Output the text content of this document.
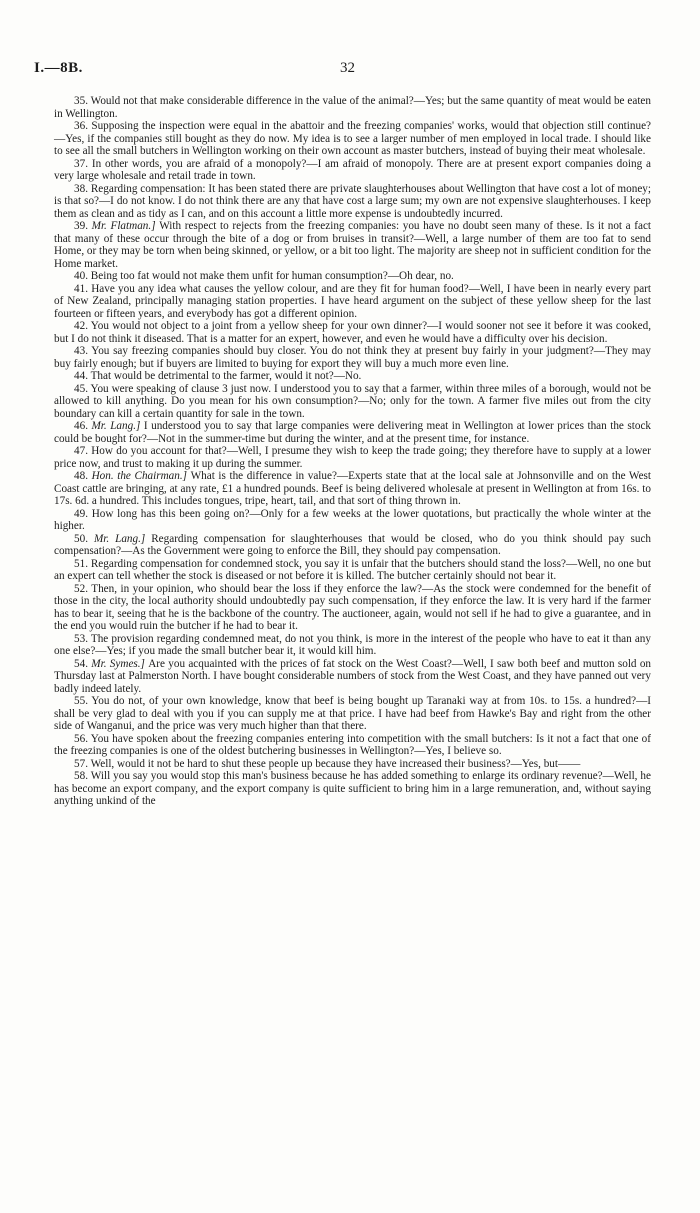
I.—8B.	32

35. Would not that make considerable difference in the value of the animal?—Yes; but the same quantity of meat would be eaten in Wellington.

36. Supposing the inspection were equal in the abattoir and the freezing companies' works, would that objection still continue?—Yes, if the companies still bought as they do now. My idea is to see a larger number of men employed in local trade. I should like to see all the small butchers in Wellington working on their own account as master butchers, instead of buying their meat wholesale.

37. In other words, you are afraid of a monopoly?—I am afraid of monopoly. There are at present export companies doing a very large wholesale and retail trade in town.

38. Regarding compensation: It has been stated there are private slaughterhouses about Wellington that have cost a lot of money; is that so?—I do not know. I do not think there are any that have cost a large sum; my own are not expensive slaughterhouses. I keep them as clean and as tidy as I can, and on this account a little more expense is undoubtedly incurred.

39. Mr. Flatman.] With respect to rejects from the freezing companies: you have no doubt seen many of these. Is it not a fact that many of these occur through the bite of a dog or from bruises in transit?—Well, a large number of them are too fat to send Home, or they may be torn when being skinned, or yellow, or a bit too light. The majority are sheep not in sufficient condition for the Home market.

40. Being too fat would not make them unfit for human consumption?—Oh dear, no.

41. Have you any idea what causes the yellow colour, and are they fit for human food?—Well, I have been in nearly every part of New Zealand, principally managing station properties. I have heard argument on the subject of these yellow sheep for the last fourteen or fifteen years, and everybody has got a different opinion.

42. You would not object to a joint from a yellow sheep for your own dinner?—I would sooner not see it before it was cooked, but I do not think it diseased. That is a matter for an expert, however, and even he would have a difficulty over his decision.

43. You say freezing companies should buy closer. You do not think they at present buy fairly in your judgment?—They may buy fairly enough; but if buyers are limited to buying for export they will buy a much more even line.

44. That would be detrimental to the farmer, would it not?—No.

45. You were speaking of clause 3 just now. I understood you to say that a farmer, within three miles of a borough, would not be allowed to kill anything. Do you mean for his own consumption?—No; only for the town. A farmer five miles out from the city boundary can kill a certain quantity for sale in the town.

46. Mr. Lang.] I understood you to say that large companies were delivering meat in Wellington at lower prices than the stock could be bought for?—Not in the summer-time but during the winter, and at the present time, for instance.

47. How do you account for that?—Well, I presume they wish to keep the trade going; they therefore have to supply at a lower price now, and trust to making it up during the summer.

48. Hon. the Chairman.] What is the difference in value?—Experts state that at the local sale at Johnsonville and on the West Coast cattle are bringing, at any rate, £1 a hundred pounds. Beef is being delivered wholesale at present in Wellington at from 16s. to 17s. 6d. a hundred. This includes tongues, tripe, heart, tail, and that sort of thing thrown in.

49. How long has this been going on?—Only for a few weeks at the lower quotations, but practically the whole winter at the higher.

50. Mr. Lang.] Regarding compensation for slaughterhouses that would be closed, who do you think should pay such compensation?—As the Government were going to enforce the Bill, they should pay compensation.

51. Regarding compensation for condemned stock, you say it is unfair that the butchers should stand the loss?—Well, no one but an expert can tell whether the stock is diseased or not before it is killed. The butcher certainly should not bear it.

52. Then, in your opinion, who should bear the loss if they enforce the law?—As the stock were condemned for the benefit of those in the city, the local authority should undoubtedly pay such compensation, if they enforce the law. It is very hard if the farmer has to bear it, seeing that he is the backbone of the country. The auctioneer, again, would not sell if he had to give a guarantee, and in the end you would ruin the butcher if he had to bear it.

53. The provision regarding condemned meat, do not you think, is more in the interest of the people who have to eat it than any one else?—Yes; if you made the small butcher bear it, it would kill him.

54. Mr. Symes.] Are you acquainted with the prices of fat stock on the West Coast?—Well, I saw both beef and mutton sold on Thursday last at Palmerston North. I have bought considerable numbers of stock from the West Coast, and they have panned out very badly indeed lately.

55. You do not, of your own knowledge, know that beef is being bought up Taranaki way at from 10s. to 15s. a hundred?—I shall be very glad to deal with you if you can supply me at that price. I have had beef from Hawke's Bay and right from the other side of Wanganui, and the price was very much higher than that there.

56. You have spoken about the freezing companies entering into competition with the small butchers: Is it not a fact that one of the freezing companies is one of the oldest butchering businesses in Wellington?—Yes, I believe so.

57. Well, would it not be hard to shut these people up because they have increased their business?—Yes, but——

58. Will you say you would stop this man's business because he has added something to enlarge its ordinary revenue?—Well, he has become an export company, and the export company is quite sufficient to bring him in a large remuneration, and, without saying anything unkind of the
